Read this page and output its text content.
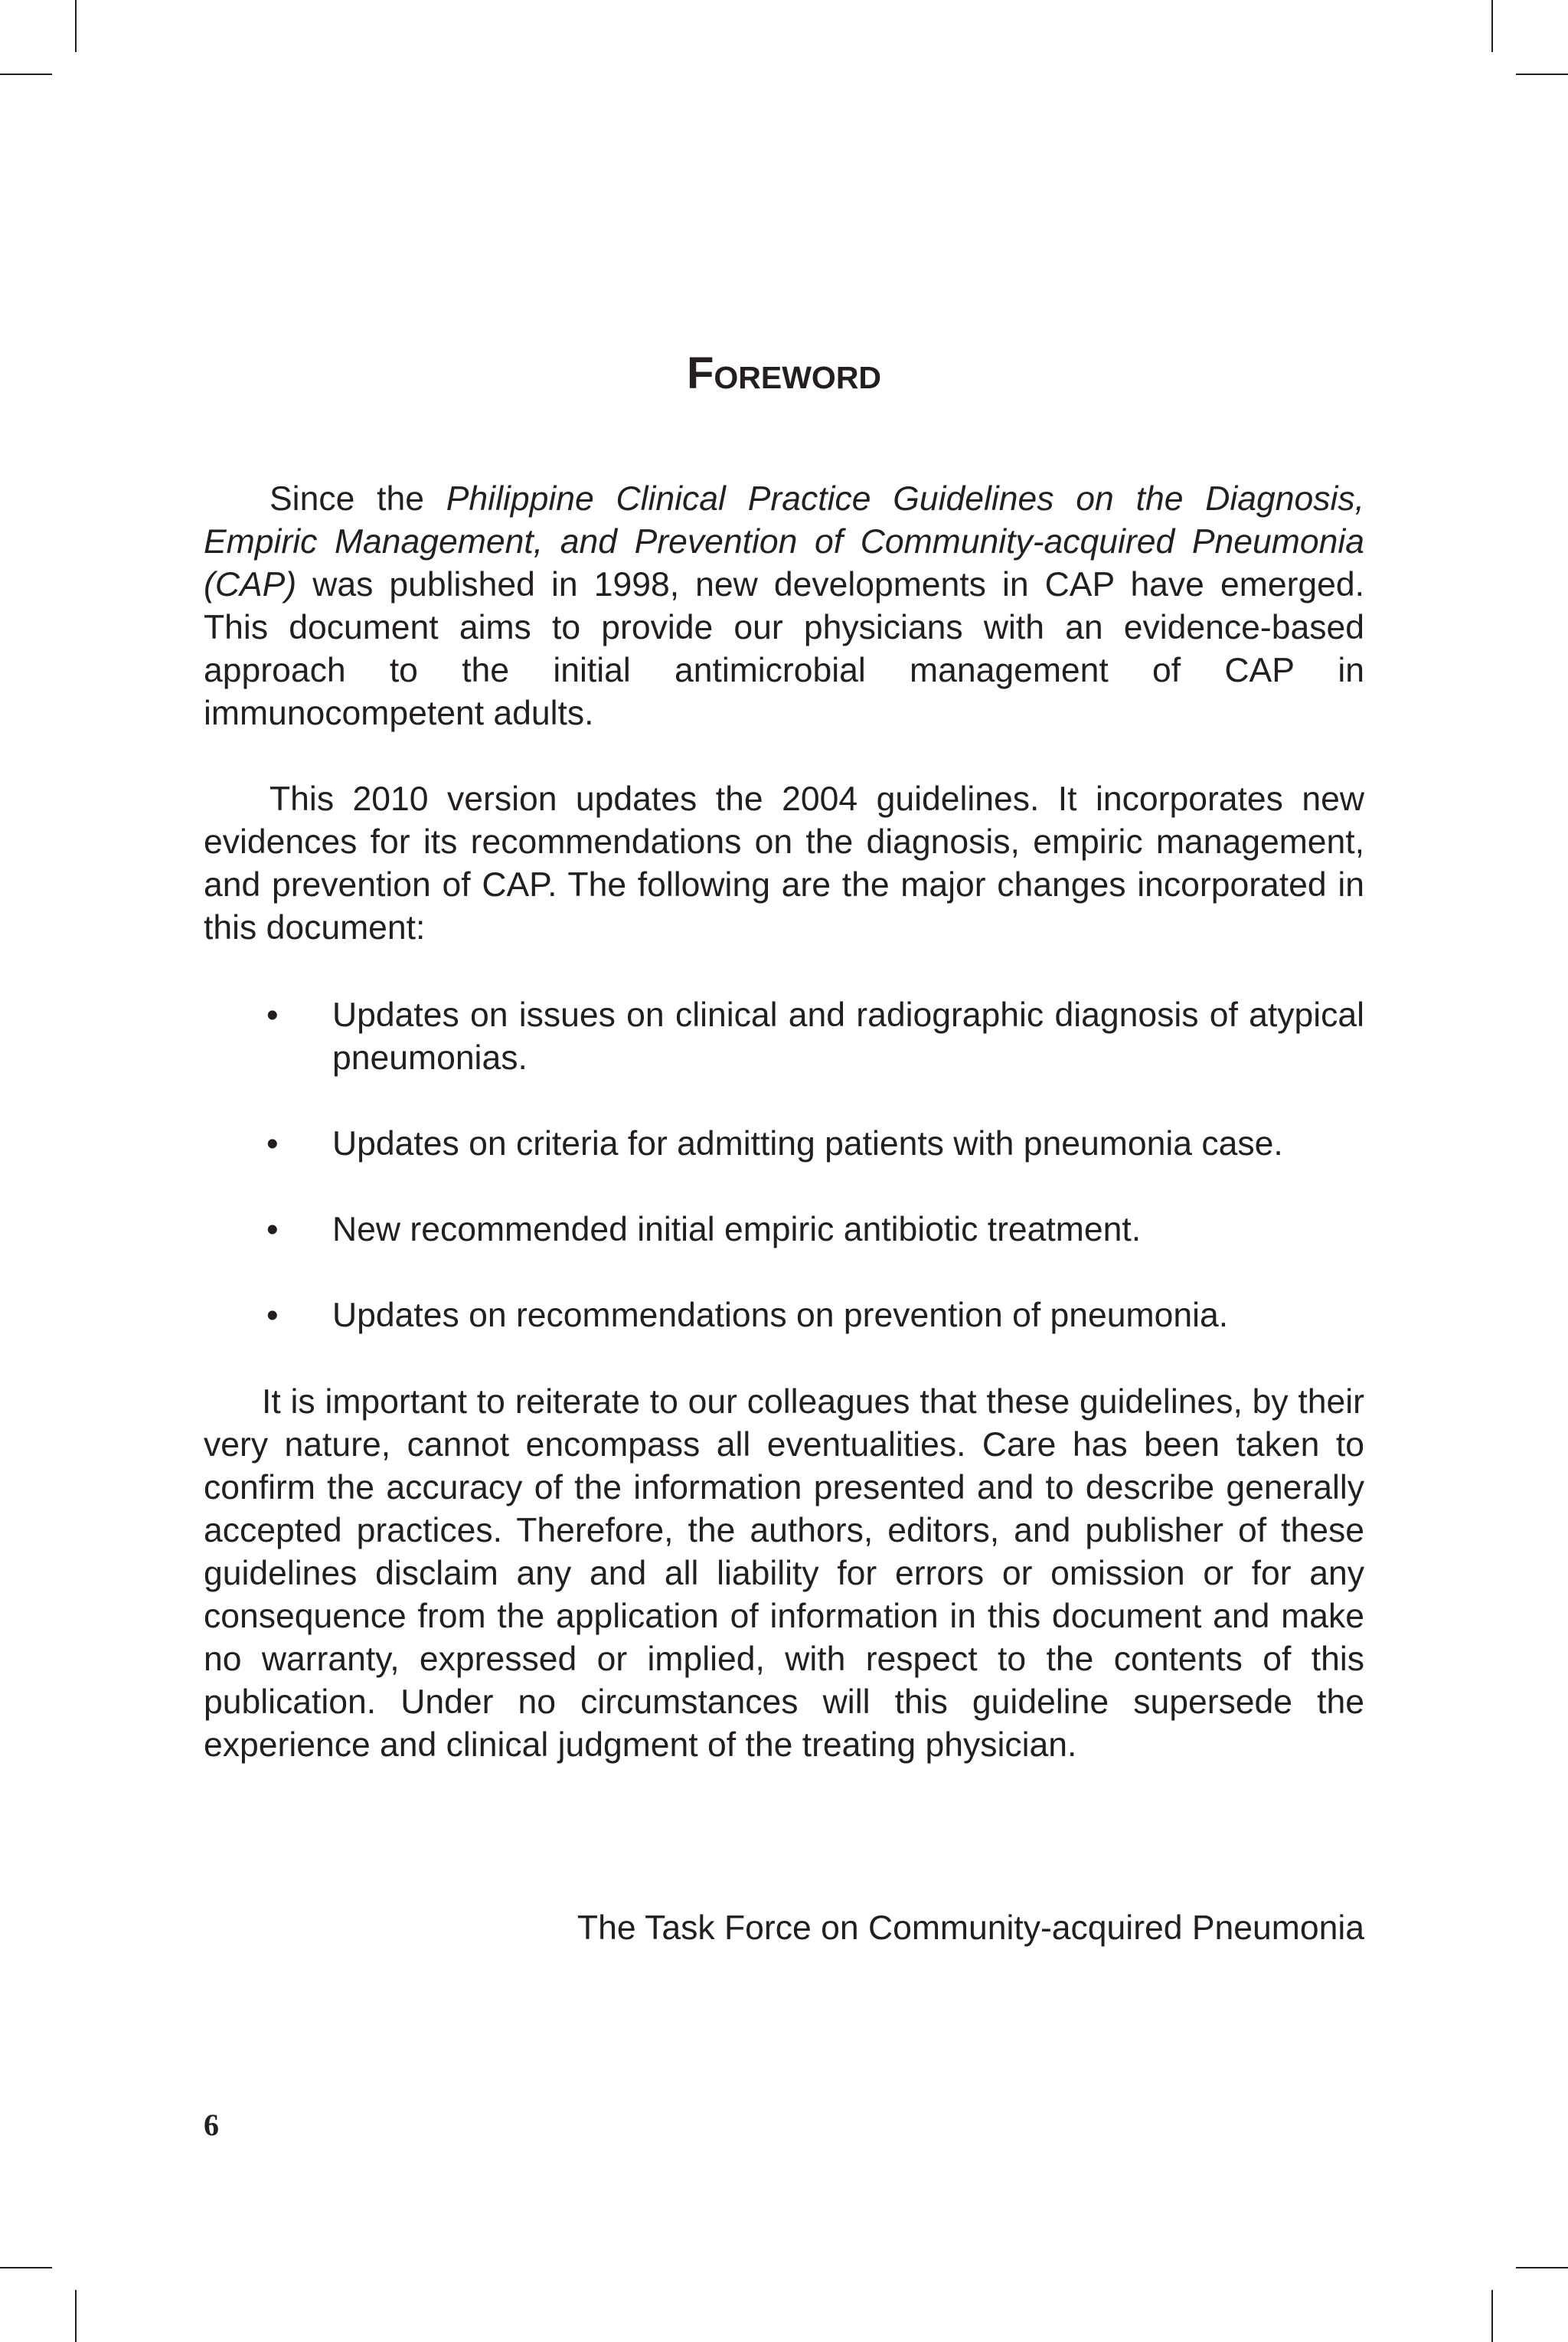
Foreword

Since the Philippine Clinical Practice Guidelines on the Diagnosis, Empiric Management, and Prevention of Community-acquired Pneumonia (CAP) was published in 1998, new developments in CAP have emerged. This document aims to provide our physicians with an evidence-based approach to the initial antimicrobial management of CAP in immunocompetent adults.

This 2010 version updates the 2004 guidelines. It incorporates new evidences for its recommendations on the diagnosis, empiric management, and prevention of CAP. The following are the major changes incorporated in this document:

• Updates on issues on clinical and radiographic diagnosis of atypical pneumonias.
• Updates on criteria for admitting patients with pneumonia case.
• New recommended initial empiric antibiotic treatment.
• Updates on recommendations on prevention of pneumonia.

It is important to reiterate to our colleagues that these guidelines, by their very nature, cannot encompass all eventualities. Care has been taken to confirm the accuracy of the information presented and to describe generally accepted practices. Therefore, the authors, editors, and publisher of these guidelines disclaim any and all liability for errors or omission or for any consequence from the application of information in this document and make no warranty, expressed or implied, with respect to the contents of this publication. Under no circumstances will this guideline supersede the experience and clinical judgment of the treating physician.

The Task Force on Community-acquired Pneumonia

6
